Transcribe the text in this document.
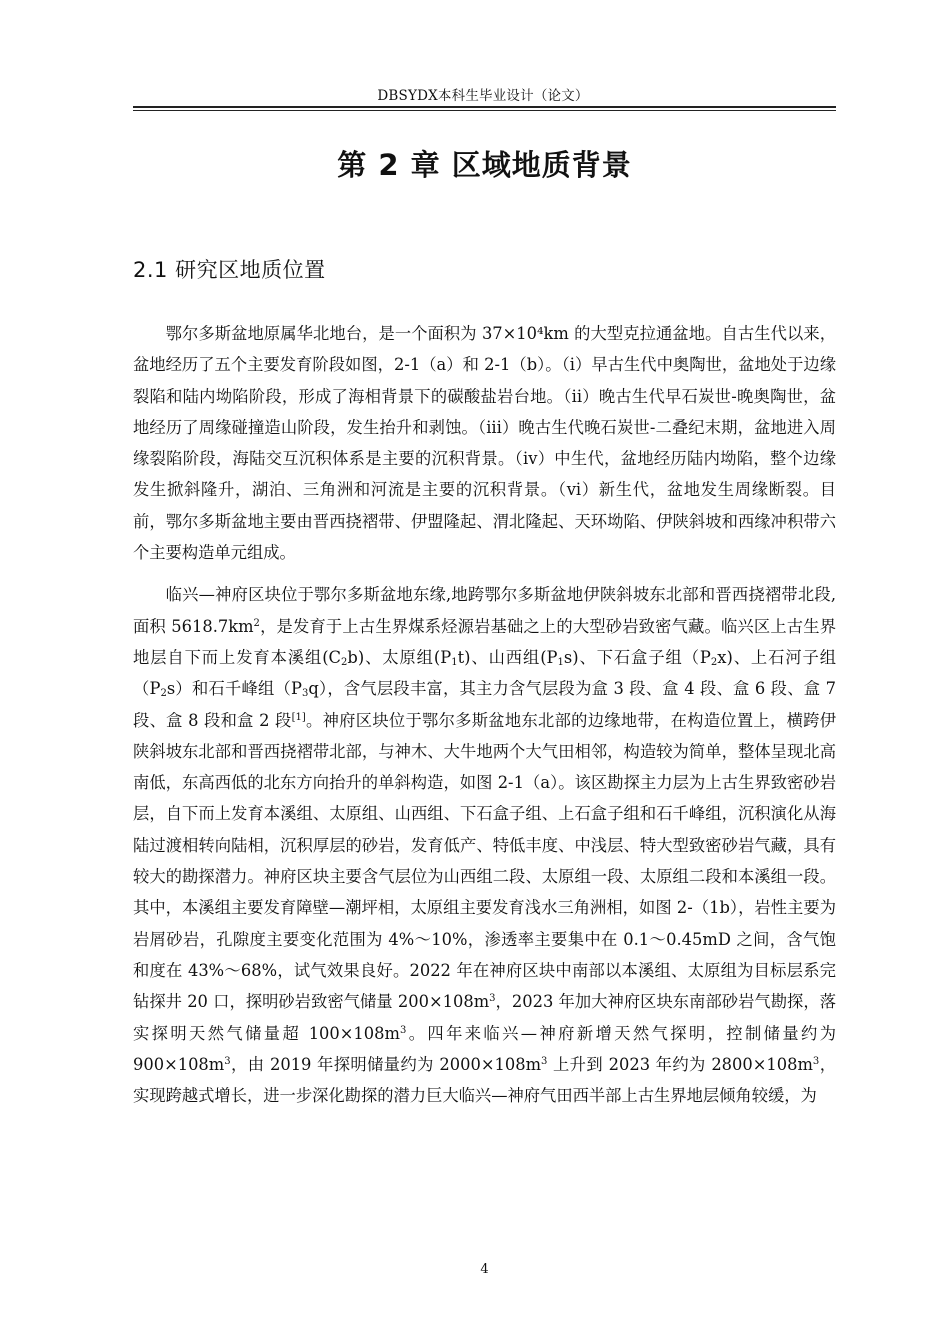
DBSYDX本科生毕业设计（论文）
第 2 章 区域地质背景
2.1 研究区地质位置

鄂尔多斯盆地原属华北地台，是一个面积为 37×10⁴km 的大型克拉通盆地。自古生代以来，盆地经历了五个主要发育阶段如图，2-1（a）和 2-1（b）。（i）早古生代中奥陶世，盆地处于边缘裂陷和陆内坳陷阶段，形成了海相背景下的碳酸盐岩台地。（ii）晚古生代早石炭世-晚奥陶世，盆地经历了周缘碰撞造山阶段，发生抬升和剥蚀。（iii）晚古生代晚石炭世-二叠纪末期，盆地进入周缘裂陷阶段，海陆交互沉积体系是主要的沉积背景。（iv）中生代，盆地经历陆内坳陷，整个边缘发生掀斜隆升，湖泊、三角洲和河流是主要的沉积背景。（vi）新生代，盆地发生周缘断裂。目前，鄂尔多斯盆地主要由晋西挠褶带、伊盟隆起、渭北隆起、天环坳陷、伊陕斜坡和西缘冲积带六个主要构造单元组成。

临兴—神府区块位于鄂尔多斯盆地东缘,地跨鄂尔多斯盆地伊陕斜坡东北部和晋西挠褶带北段,面积 $5618.7km^2$，是发育于上古生界煤系烃源岩基础之上的大型砂岩致密气藏。临兴区上古生界地层自下而上发育本溪组$(C_2b)$、太原组$(P_1t)$、山西组$(P_1s)$、下石盒子组$(P_2x)$、上石河子组$(P_2s)$和石千峰组$(P_3q)$，含气层段丰富，其主力含气层段为盒 3 段、盒 4 段、盒 6 段、盒 7 段、盒 8 段和盒 2 段[1]。神府区块位于鄂尔多斯盆地东北部的边缘地带，在构造位置上，横跨伊陕斜坡东北部和晋西挠褶带北部，与神木、大牛地两个大气田相邻，构造较为简单，整体呈现北高南低，东高西低的北东方向抬升的单斜构造，如图 2-1（a）。该区勘探主力层为上古生界致密砂岩层，自下而上发育本溪组、太原组、山西组、下石盒子组、上石盒子组和石千峰组，沉积演化从海陆过渡相转向陆相，沉积厚层的砂岩，发育低产、特低丰度、中浅层、特大型致密砂岩气藏，具有较大的勘探潜力。神府区块主要含气层位为山西组二段、太原组一段、太原组二段和本溪组一段。其中，本溪组主要发育障壁—潮坪相，太原组主要发育浅水三角洲相，如图 2-（1b），岩性主要为岩屑砂岩，孔隙度主要变化范围为 4%～10%，渗透率主要集中在 0.1～0.45mD 之间，含气饱和度在 43%～68%，试气效果良好。2022 年在神府区块中南部以本溪组、太原组为目标层系完钻探井 20 口，探明砂岩致密气储量 $200\times 108m^3$，2023 年加大神府区块东南部砂岩气勘探，落实探明天然气储量超 $100\times 108m^3$。四年来临兴—神府新增天然气探明，控制储量约为 $900\times 108m^3$，由 2019 年探明储量约为 $2000\times 108m^3$ 上升到 2023 年约为 $2800\times 108m^3$，实现跨越式增长，进一步深化勘探的潜力巨大临兴—神府气田西半部上古生界地层倾角较缓，为

4
